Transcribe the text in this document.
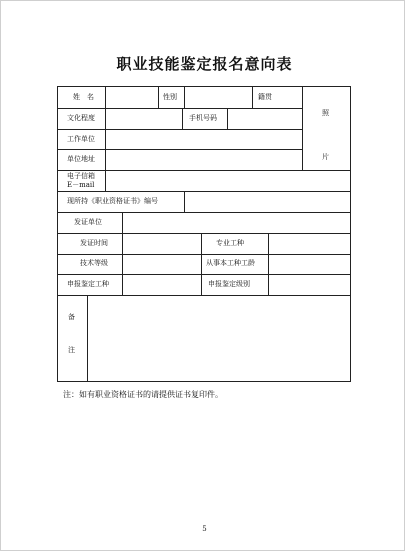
职业技能鉴定报名意向表
姓　名	性别	籍贯
照
片
文化程度	手机号码
工作单位
单位地址
电子信箱
E－mail
现所持《职业资格证书》编号
发证单位
发证时间	专业工种
技术等级	从事本工种工龄
申报鉴定工种	申报鉴定级别
备
注
注：如有职业资格证书的请提供证书复印件。
5
